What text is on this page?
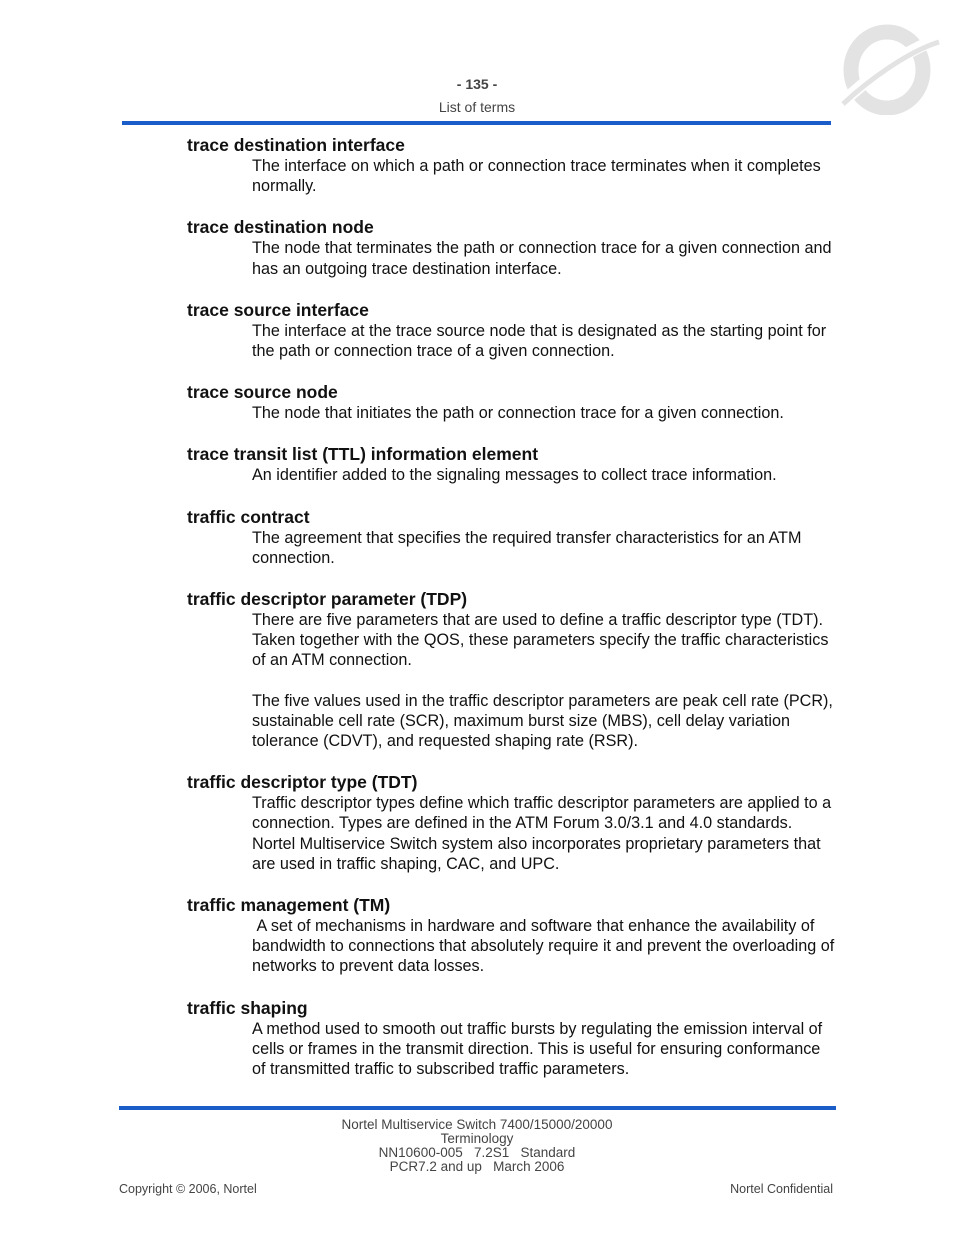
- 135 -
List of terms

trace destination interface

The interface on which a path or connection trace terminates when it completes normally.

trace destination node

The node that terminates the path or connection trace for a given connection and has an outgoing trace destination interface.

trace source interface

The interface at the trace source node that is designated as the starting point for the path or connection trace of a given connection.

trace source node

The node that initiates the path or connection trace for a given connection.

trace transit list (TTL) information element

An identifier added to the signaling messages to collect trace information.

traffic contract

The agreement that specifies the required transfer characteristics for an ATM connection.

traffic descriptor parameter (TDP)

There are five parameters that are used to define a traffic descriptor type (TDT). Taken together with the QOS, these parameters specify the traffic characteristics of an ATM connection.

The five values used in the traffic descriptor parameters are peak cell rate (PCR), sustainable cell rate (SCR), maximum burst size (MBS), cell delay variation tolerance (CDVT), and requested shaping rate (RSR).

traffic descriptor type (TDT)

Traffic descriptor types define which traffic descriptor parameters are applied to a connection. Types are defined in the ATM Forum 3.0/3.1 and 4.0 standards. Nortel Multiservice Switch system also incorporates proprietary parameters that are used in traffic shaping, CAC, and UPC.

traffic management (TM)

A set of mechanisms in hardware and software that enhance the availability of bandwidth to connections that absolutely require it and prevent the overloading of networks to prevent data losses.

traffic shaping

A method used to smooth out traffic bursts by regulating the emission interval of cells or frames in the transmit direction. This is useful for ensuring conformance of transmitted traffic to subscribed traffic parameters.

Nortel Multiservice Switch 7400/15000/20000
Terminology
NN10600-005   7.2S1   Standard
PCR7.2 and up   March 2006
Copyright © 2006, Nortel	Nortel Confidential
